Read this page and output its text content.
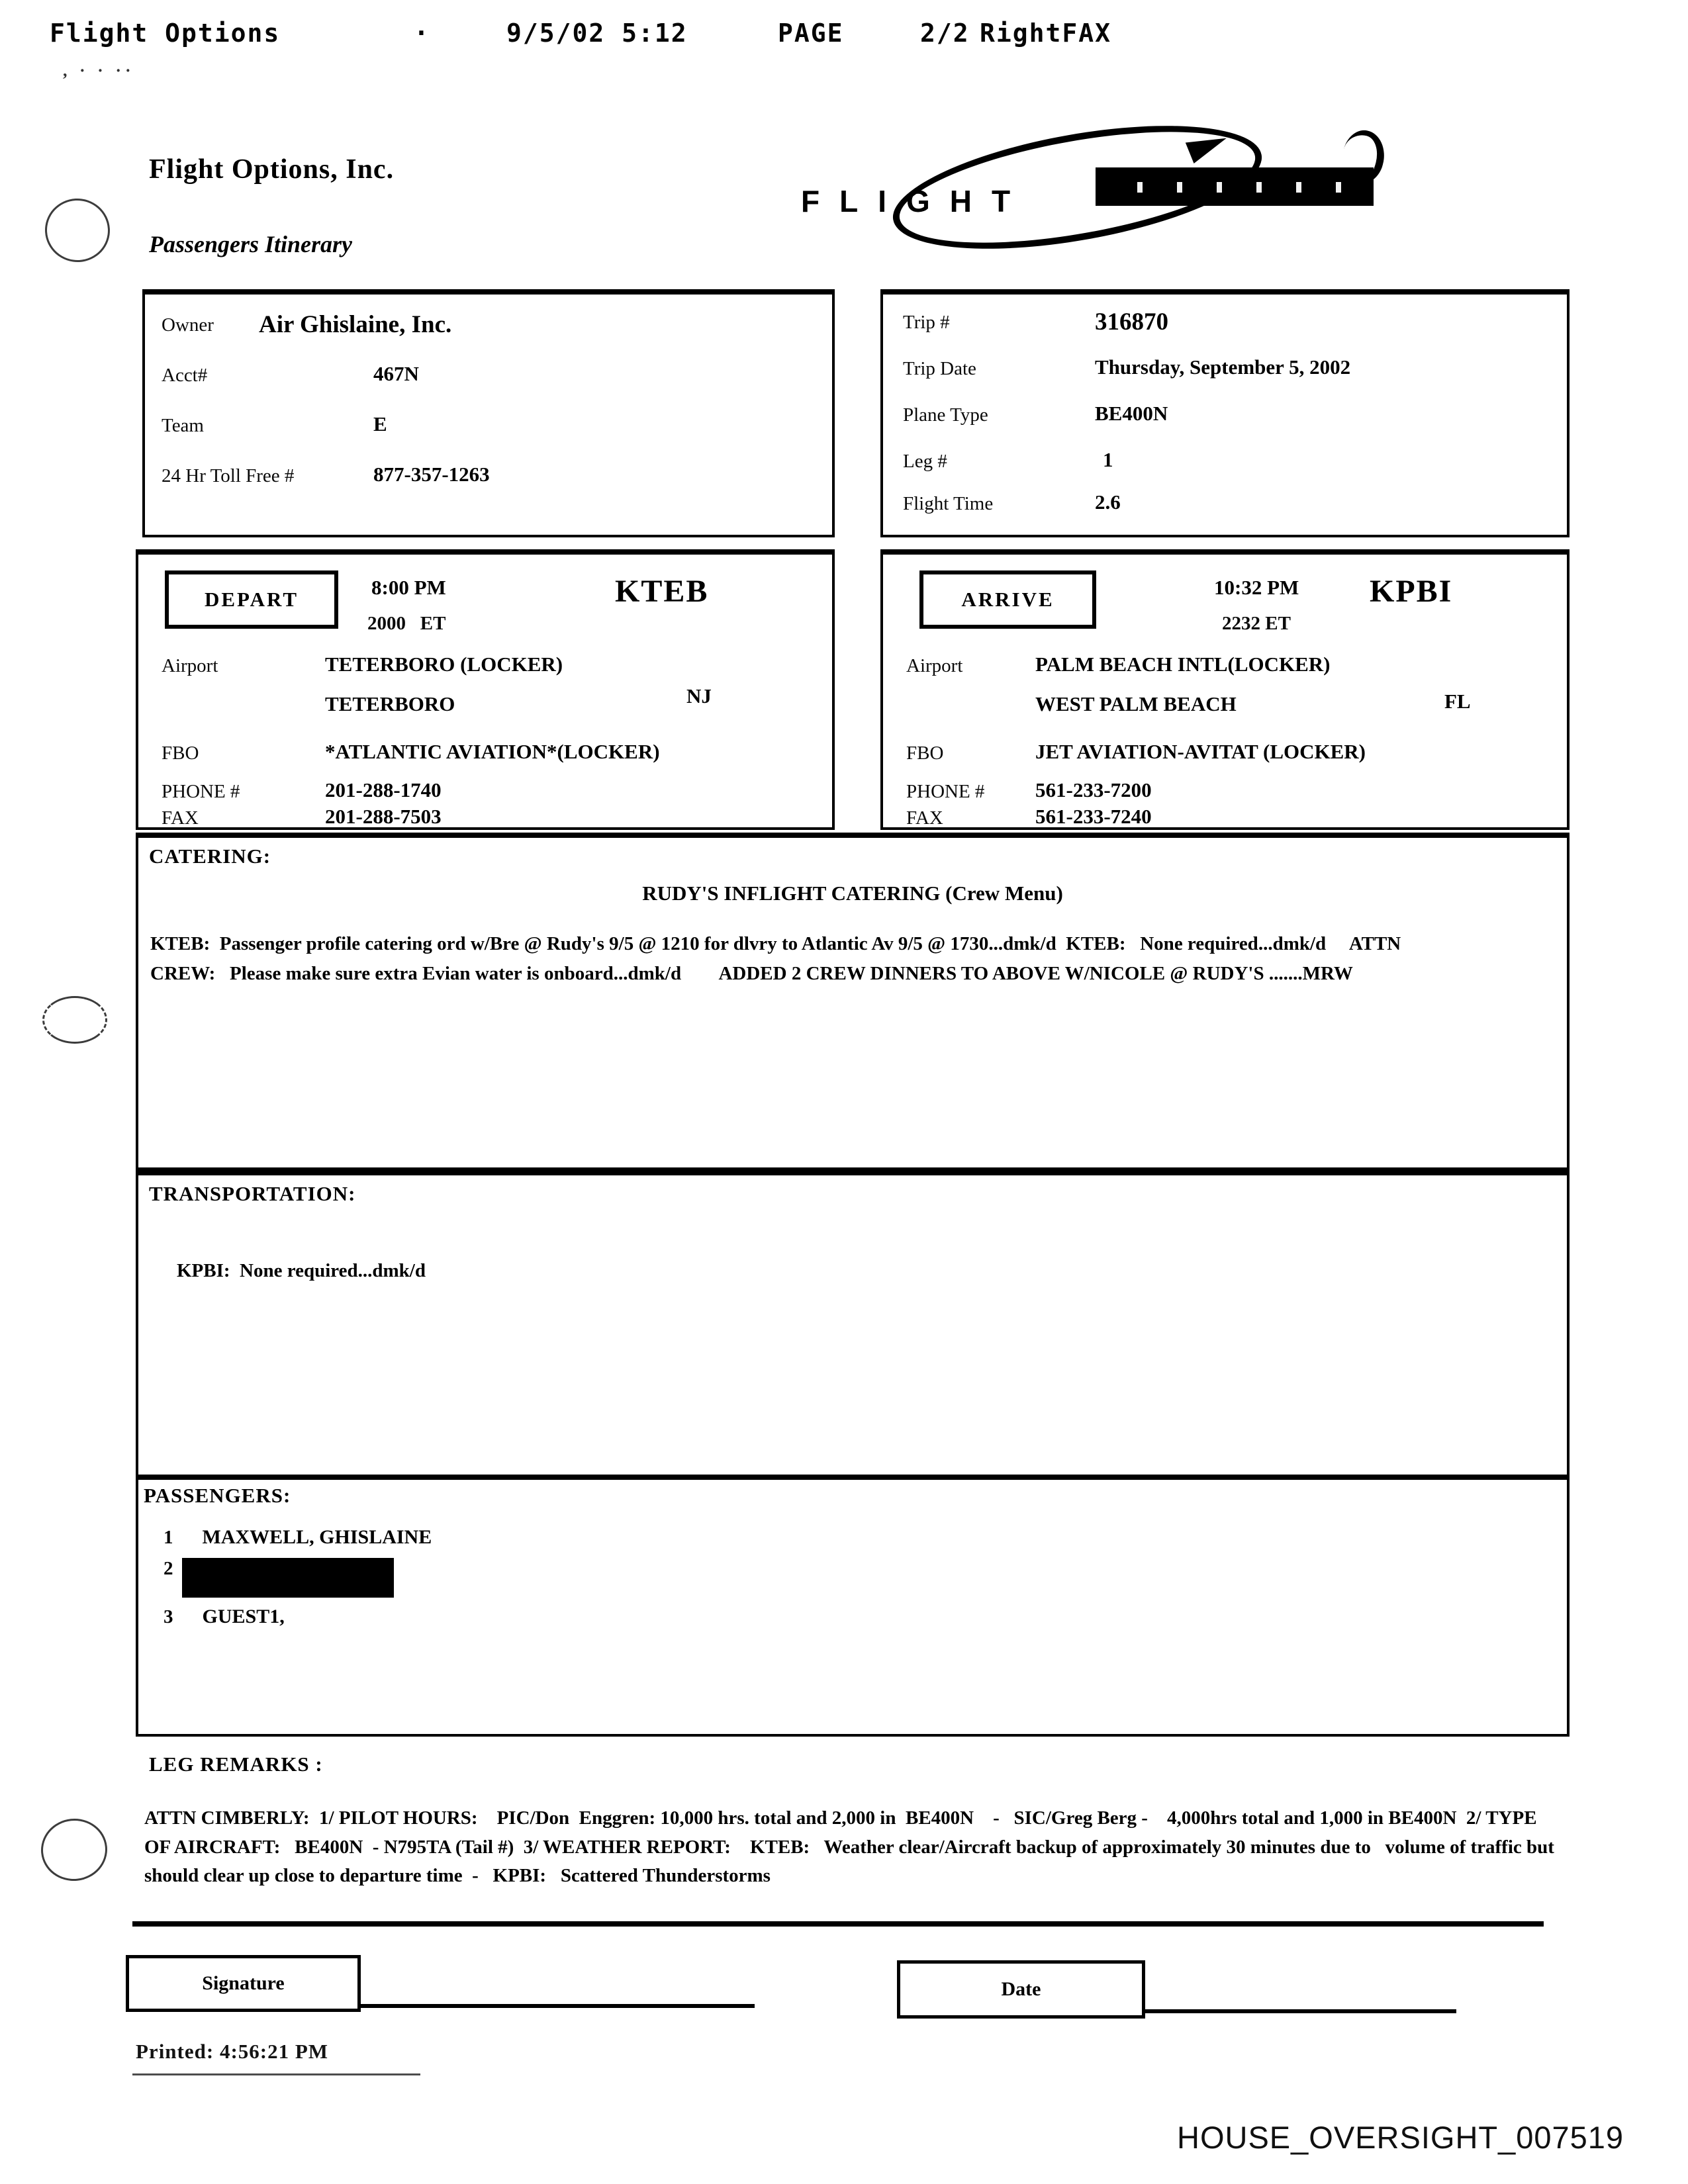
Flight Options	·	9/5/02 5:12	PAGE	2/2 RightFAX
, · · ··
Flight Options, Inc.
FLIGHT
Passengers Itinerary
Owner Air Ghislaine, Inc.
Acct#	467N
Team	E
24 Hr Toll Free #	877-357-1263
Trip #	316870
Trip Date	Thursday, September 5, 2002
Plane Type	BE400N
Leg #	1
Flight Time	2.6
DEPART
8:00 PM
2000   ET
KTEB
Airport	TETERBORO (LOCKER)
TETERBORO	NJ
FBO	*ATLANTIC AVIATION*(LOCKER)
PHONE #	201-288-1740
FAX	201-288-7503
ARRIVE
10:32 PM
2232 ET
KPBI
Airport	PALM BEACH INTL(LOCKER)
WEST PALM BEACH	FL
FBO	JET AVIATION-AVITAT (LOCKER)
PHONE # 561-233-7200
FAX	561-233-7240
CATERING:
RUDY'S INFLIGHT CATERING (Crew Menu)
KTEB:  Passenger profile catering ord w/Bre @ Rudy's 9/5 @ 1210 for dlvry to Atlantic Av 9/5 @ 1730...dmk/d  KTEB:   None required...dmk/d     ATTN CREW:   Please make sure extra Evian water is onboard...dmk/d        ADDED 2 CREW DINNERS TO ABOVE W/NICOLE @ RUDY'S .......MRW
TRANSPORTATION:
KPBI:  None required...dmk/d
PASSENGERS:
1 MAXWELL, GHISLAINE
2
3 GUEST1,
LEG REMARKS :
ATTN CIMBERLY:  1/ PILOT HOURS:    PIC/Don  Enggren: 10,000 hrs. total and 2,000 in  BE400N    -   SIC/Greg Berg -    4,000hrs total and 1,000 in BE400N  2/ TYPE OF AIRCRAFT:   BE400N  - N795TA (Tail #)  3/ WEATHER REPORT:    KTEB:   Weather clear/Aircraft backup of approximately 30 minutes due to   volume of traffic but should clear up close to departure time  -   KPBI:   Scattered Thunderstorms
Signature	Date
Printed: 4:56:21 PM
HOUSE_OVERSIGHT_007519
